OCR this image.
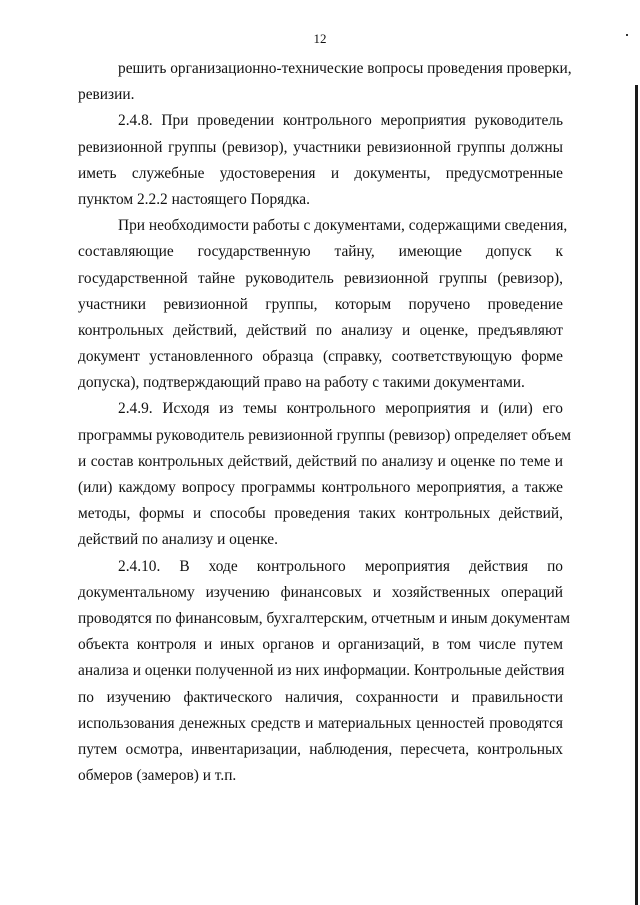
12
решить организационно-технические вопросы проведения проверки,
ревизии.
2.4.8. При проведении контрольного мероприятия руководитель
ревизионной группы (ревизор), участники ревизионной группы должны
иметь служебные удостоверения и документы, предусмотренные
пунктом 2.2.2 настоящего Порядка.
При необходимости работы с документами, содержащими сведения,
составляющие государственную тайну, имеющие допуск к
государственной тайне руководитель ревизионной группы (ревизор),
участники ревизионной группы, которым поручено проведение
контрольных действий, действий по анализу и оценке, предъявляют
документ установленного образца (справку, соответствующую форме
допуска), подтверждающий право на работу с такими документами.
2.4.9. Исходя из темы контрольного мероприятия и (или) его
программы руководитель ревизионной группы (ревизор) определяет объем
и состав контрольных действий, действий по анализу и оценке по теме и
(или) каждому вопросу программы контрольного мероприятия, а также
методы, формы и способы проведения таких контрольных действий,
действий по анализу и оценке.
2.4.10. В ходе контрольного мероприятия действия по
документальному изучению финансовых и хозяйственных операций
проводятся по финансовым, бухгалтерским, отчетным и иным документам
объекта контроля и иных органов и организаций, в том числе путем
анализа и оценки полученной из них информации. Контрольные действия
по изучению фактического наличия, сохранности и правильности
использования денежных средств и материальных ценностей проводятся
путем осмотра, инвентаризации, наблюдения, пересчета, контрольных
обмеров (замеров) и т.п.
